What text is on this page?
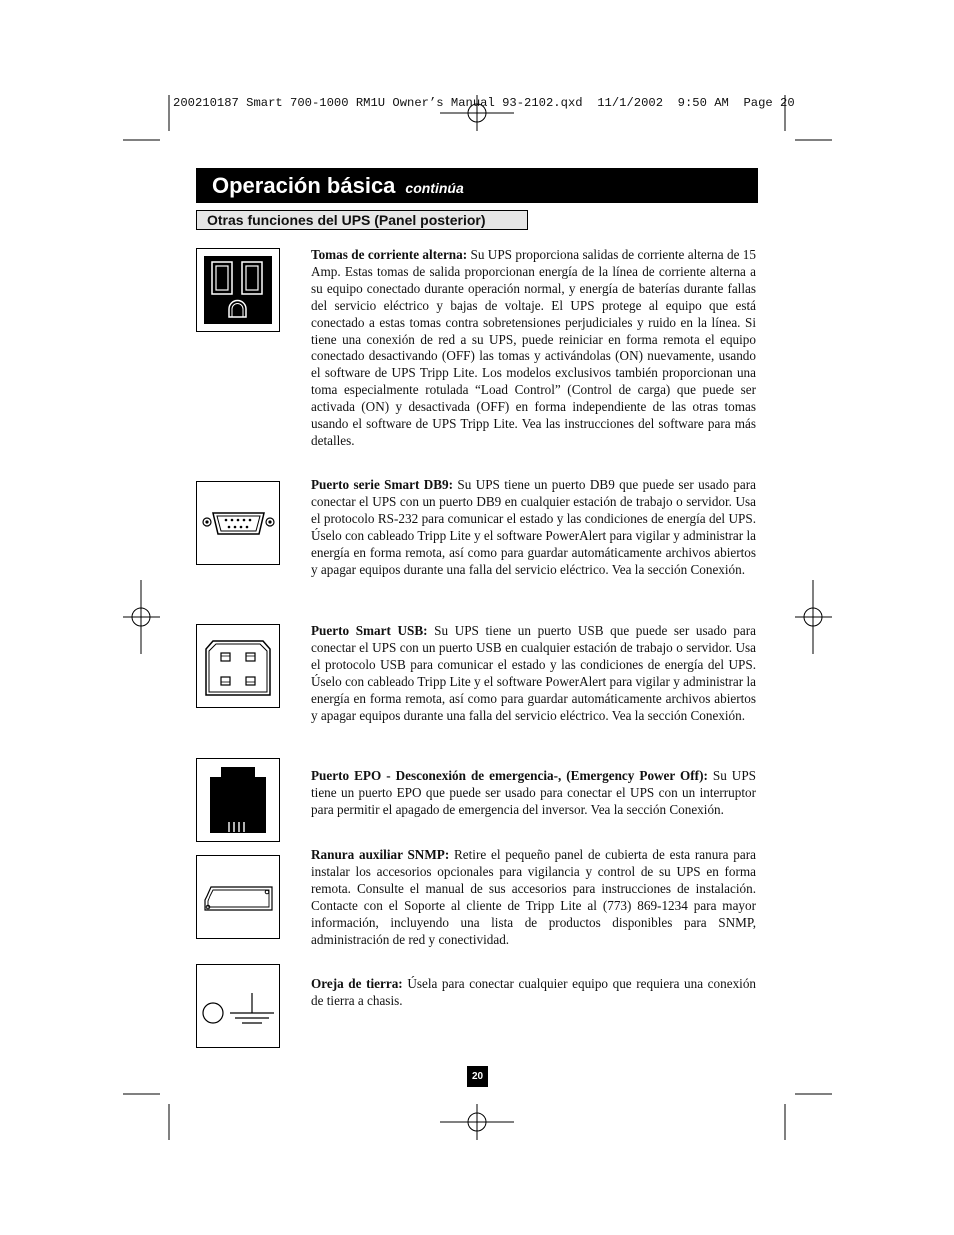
200210187 Smart 700-1000 RM1U Owner’s Manual 93-2102.qxd  11/1/2002  9:50 AM  Page 20
Operación básica continúa
Otras funciones del UPS (Panel posterior)
Tomas de corriente alterna: Su UPS proporciona salidas de corriente alterna de 15 Amp. Estas tomas de salida proporcionan energía de la línea de corriente alterna a su equipo conectado durante operación normal, y energía de baterías durante fallas del servicio eléctrico y bajas de voltaje. El UPS protege al equipo que está conectado a estas tomas contra sobretensiones perjudiciales y ruido en la línea. Si tiene una conexión de red a su UPS, puede reiniciar en forma remota el equipo conectado desactivando (OFF) las tomas y activándolas (ON) nuevamente, usando el software de UPS Tripp Lite. Los modelos exclusivos también proporcionan una toma especialmente rotulada “Load Control” (Control de carga) que puede ser activada (ON) y desactivada (OFF) en forma independiente de las otras tomas usando el software de UPS Tripp Lite. Vea las instrucciones del software para más detalles.
Puerto serie Smart DB9: Su UPS tiene un puerto DB9 que puede ser usado para conectar el UPS con un puerto DB9 en cualquier estación de trabajo o servidor. Usa el protocolo RS-232 para comunicar el estado y las condiciones de energía del UPS. Úselo con cableado Tripp Lite y el software PowerAlert para vigilar y administrar la energía en forma remota, así como para guardar automáticamente archivos abiertos y apagar equipos durante una falla del servicio eléctrico. Vea la sección Conexión.
Puerto Smart USB: Su UPS tiene un puerto USB que puede ser usado para conectar el UPS con un puerto USB en cualquier estación de trabajo o servidor. Usa el protocolo USB para comunicar el estado y las condiciones de energía del UPS. Úselo con cableado Tripp Lite y el software PowerAlert para vigilar y administrar la energía en forma remota, así como para guardar automáticamente archivos abiertos y apagar equipos durante una falla del servicio eléctrico. Vea la sección Conexión.
Puerto EPO - Desconexión de emergencia-, (Emergency Power Off): Su UPS tiene un puerto EPO que puede ser usado para conectar el UPS con un interruptor para permitir el apagado de emergencia del inversor. Vea la sección Conexión.
Ranura auxiliar SNMP: Retire el pequeño panel de cubierta de esta ranura para instalar los accesorios opcionales para vigilancia y control de su UPS en forma remota. Consulte el manual de sus accesorios para instrucciones de instalación. Contacte con el Soporte al cliente de Tripp Lite al (773) 869-1234 para mayor información, incluyendo una lista de productos disponibles para SNMP, administración de red y conectividad.
Oreja de tierra: Úsela para conectar cualquier equipo que requiera una conexión de tierra a chasis.
20
